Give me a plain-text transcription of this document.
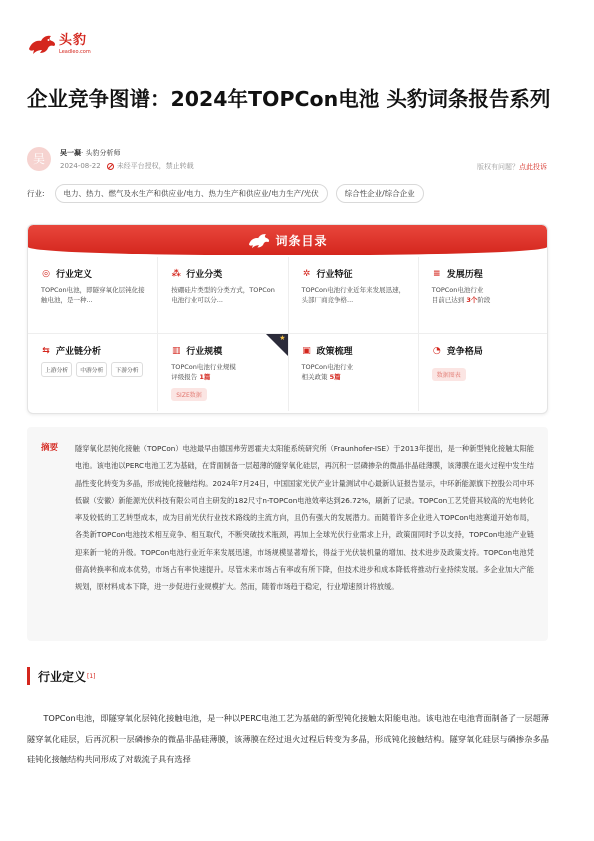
头豹
Leadleo.com
企业竞争图谱：2024年TOPCon电池 头豹词条报告系列
吴	吴一凝· 头豹分析师
2024-08-22 未经平台授权，禁止转载	版权有问题？点此投诉
行业:	电力、热力、燃气及水生产和供应业/电力、热力生产和供应业/电力生产/光伏	综合性企业/综合企业
词条目录
◎ 行业定义
TOPCon电池，即隧穿氧化层钝化接触电池，是一种...
⁂ 行业分类
按硼硅片类型的分类方式，TOPCon电池行业可以分...
✲ 行业特征
TOPCon电池行业近年来发展迅速，头部厂商竞争格...
≡ 发展历程
TOPCon电池行业
目前已达到 3个阶段
⇆ 产业链分析
上游分析	中游分析	下游分析
★
▥ 行业规模
TOPCon电池行业规模
评级报告 1篇
SIZE数据
▣ 政策梳理
TOPCon电池行业
相关政策 5篇
◔ 竞争格局
数据图表
摘要	隧穿氧化层钝化接触（TOPCon）电池最早由德国弗劳恩霍夫太阳能系统研究所（Fraunhofer-ISE）于2013年提出，是一种新型钝化接触太阳能电池。该电池以PERC电池工艺为基础，在背面制备一层超薄的隧穿氧化硅层，再沉积一层磷掺杂的微晶非晶硅薄膜，该薄膜在退火过程中发生结晶性变化转变为多晶，形成钝化接触结构。2024年7月24日，中国国家光伏产业计量测试中心最新认证报告显示，中环新能源旗下控股公司中环低碳（安徽）新能源光伏科技有限公司自主研发的182尺寸n-TOPCon电池效率达到26.72%，刷新了记录。TOPCon工艺凭借其较高的光电转化率及较低的工艺转型成本，成为目前光伏行业技术路线的主流方向，且仍有强大的发展潜力。而随着许多企业进入TOPCon电池赛道开始布局，各类新TOPCon电池技术相互竞争、相互取代，不断突破技术瓶颈，再加上全球光伏行业需求上升，政策面同时予以支持，TOPCon电池产业链迎来新一轮的升级。TOPCon电池行业近年来发展迅速，市场规模显著增长，得益于光伏装机量的增加、技术进步及政策支持。TOPCon电池凭借高转换率和成本优势，市场占有率快速提升。尽管未来市场占有率或有所下降，但技术进步和成本降低将推动行业持续发展。多企业加大产能规划，原材料成本下降，进一步促进行业规模扩大。然而，随着市场趋于稳定，行业增速预计将放缓。
行业定义 [1]

  TOPCon电池，即隧穿氧化层钝化接触电池，是一种以PERC电池工艺为基础的新型钝化接触太阳能电池。该电池在电池背面制备了一层超薄隧穿氧化硅层，后再沉积一层磷掺杂的微晶非晶硅薄膜，该薄膜在经过退火过程后转变为多晶，形成钝化接触结构。隧穿氧化硅层与磷掺杂多晶硅钝化接触结构共同形成了对载流子具有选择
